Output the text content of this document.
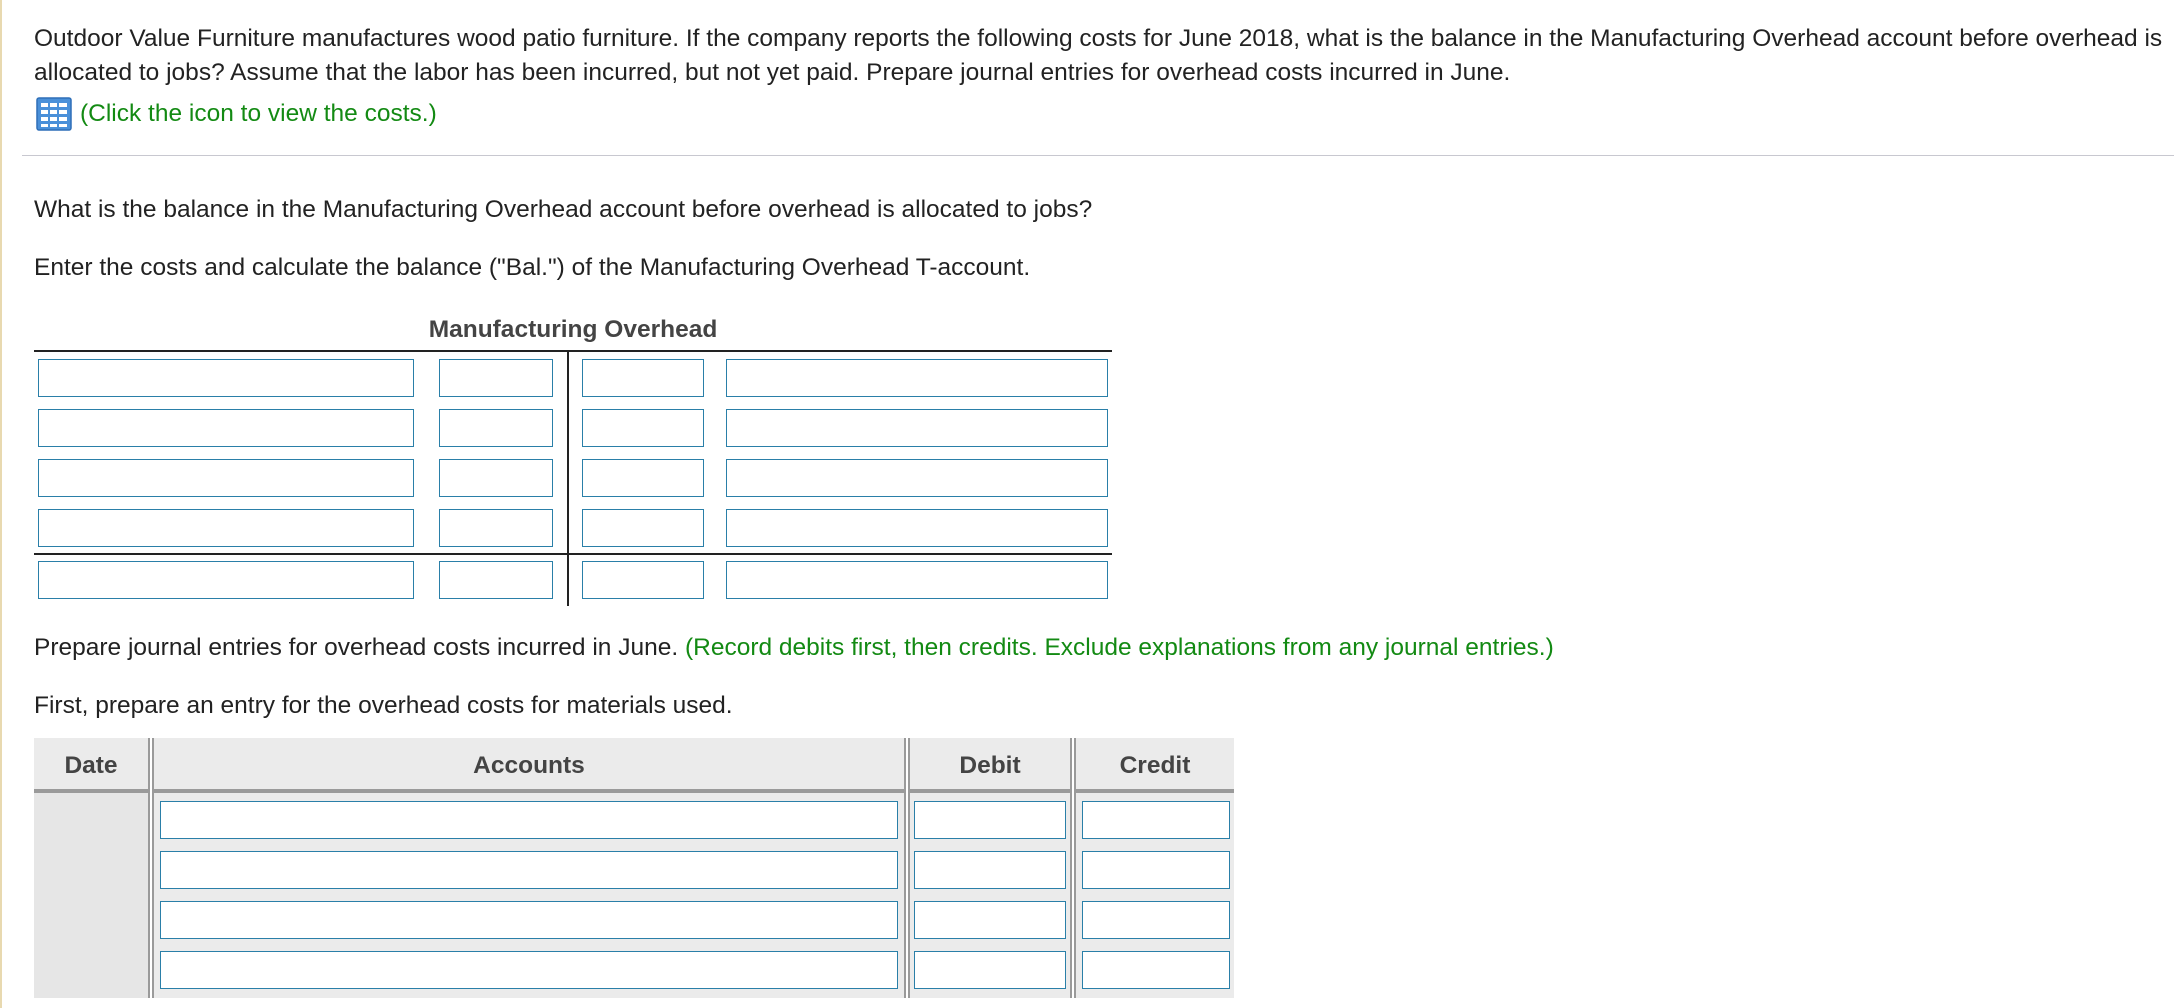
Outdoor Value Furniture manufactures wood patio furniture. If the company reports the following costs for June 2018, what is the balance in the Manufacturing Overhead account before overhead is allocated to jobs? Assume that the labor has been incurred, but not yet paid. Prepare journal entries for overhead costs incurred in June.

(Click the icon to view the costs.)
What is the balance in the Manufacturing Overhead account before overhead is allocated to jobs?
Enter the costs and calculate the balance ("Bal.") of the Manufacturing Overhead T-account.
Manufacturing Overhead
Prepare journal entries for overhead costs incurred in June. (Record debits first, then credits. Exclude explanations from any journal entries.)
First, prepare an entry for the overhead costs for materials used.
Date	Accounts	Debit	Credit
